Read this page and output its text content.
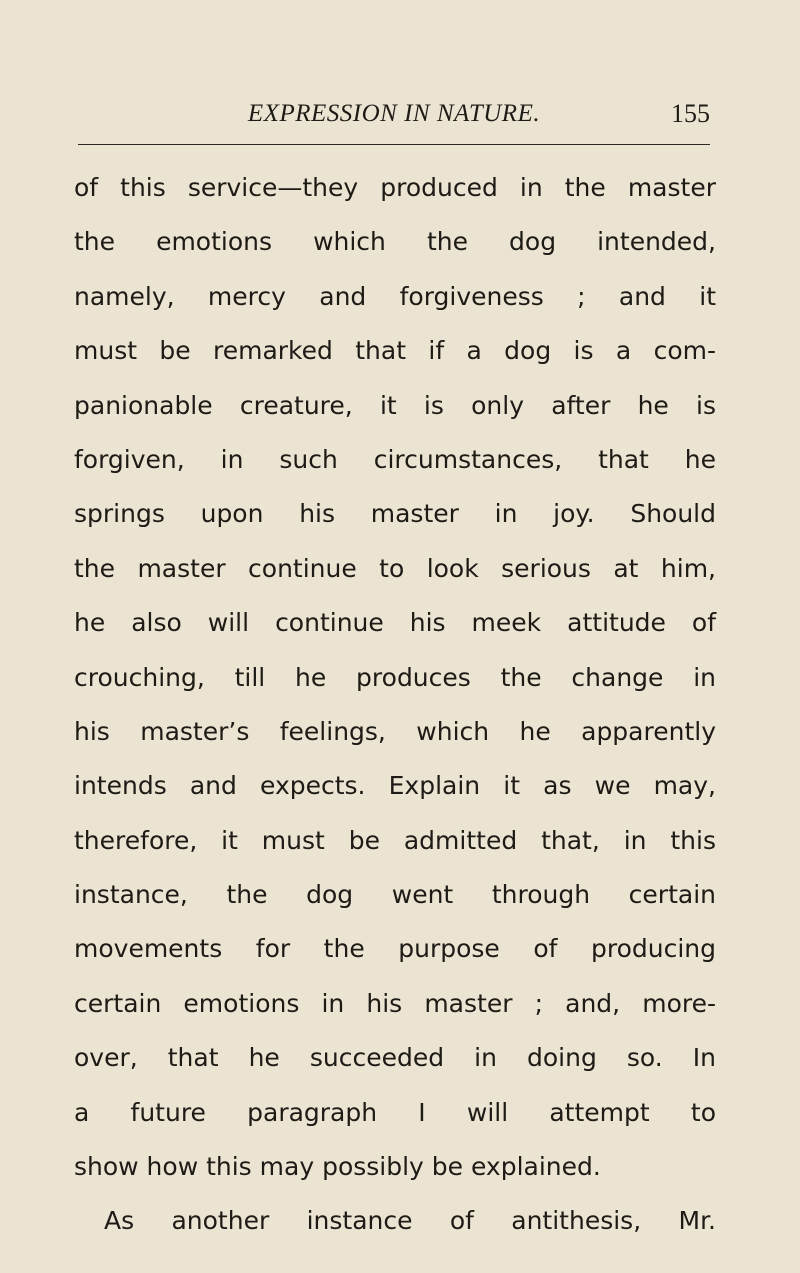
EXPRESSION IN NATURE.	155
of this service—they produced in the master
the emotions which the dog intended,
namely, mercy and forgiveness ; and it
must be remarked that if a dog is a com-
panionable creature, it is only after he is
forgiven, in such circumstances, that he
springs upon his master in joy. Should
the master continue to look serious at him,
he also will continue his meek attitude of
crouching, till he produces the change in
his master’s feelings, which he apparently
intends and expects. Explain it as we may,
therefore, it must be admitted that, in this
instance, the dog went through certain
movements for the purpose of producing
certain emotions in his master ; and, more-
over, that he succeeded in doing so. In
a future paragraph I will attempt to
show how this may possibly be explained.
As another instance of antithesis, Mr.
